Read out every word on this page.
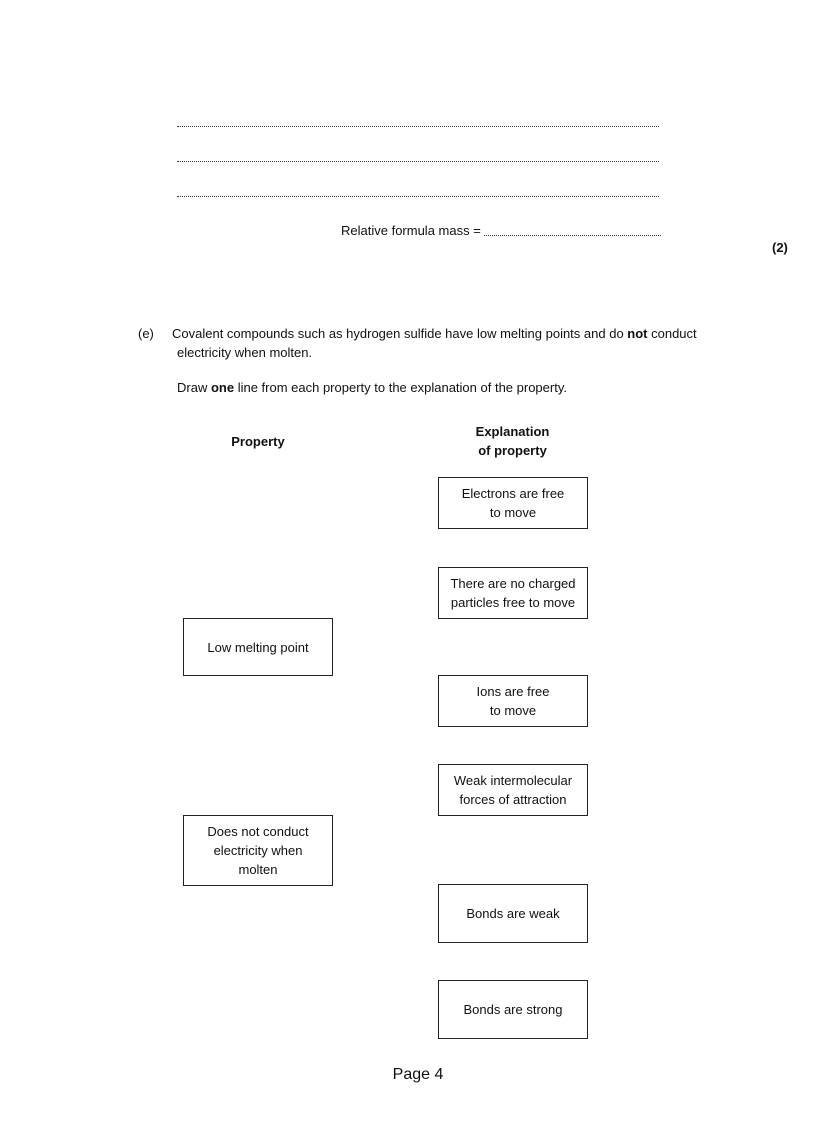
Relative formula mass =
(2)
(e) Covalent compounds such as hydrogen sulfide have low melting points and do not conduct
electricity when molten.
Draw one line from each property to the explanation of the property.
Property
Explanation
of property
Low melting point
Does not conduct
electricity when
molten
Electrons are free
to move
There are no charged
particles free to move
Ions are free
to move
Weak intermolecular
forces of attraction
Bonds are weak
Bonds are strong
Page 4
